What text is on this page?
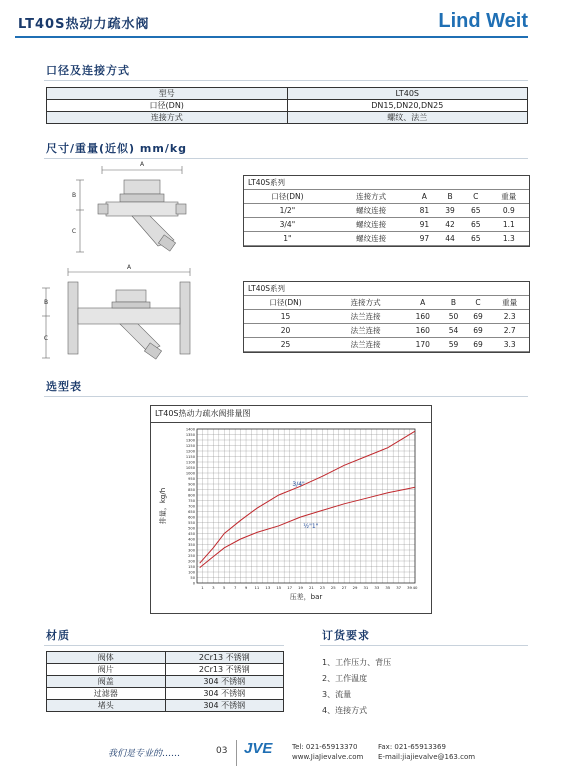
LT40S热动力疏水阀	Lind Weit
口径及连接方式
型号	LT40S
口径(DN)	DN15,DN20,DN25
连接方式	螺纹、法兰
尺寸/重量(近似) mm/kg
A
B
C
A
B
C
LT40S系列					
口径(DN)	连接方式	A	B	C	重量
1/2"	螺纹连接	81	39	65	0.9
3/4"	螺纹连接	91	42	65	1.1
1"	螺纹连接	97	44	65	1.3
LT40S系列					
口径(DN)	连接方式	A	B	C	重量
15	法兰连接	160	50	69	2.3
20	法兰连接	160	54	69	2.7
25	法兰连接	170	59	69	3.3
选型表
LT40S热动力疏水阀排量图
0
50
100
150
200
250
300
350
400
450
500
550
600
650
700
750
800
850
900
950
1000
1050
1100
1150
1200
1250
1300
1350
1400
1 3 5 7 9 11 13 15 17 19 21 23 25 27 29 31 33 35 37 39 40
3/4"
½"1"
压差，bar
排量，kg/h
材质
阀体	2Cr13 不锈钢
阀片	2Cr13 不锈钢
阀盖	304 不锈钢
过滤器	304 不锈钢
堵头	304 不锈钢
订货要求
1、工作压力、背压
2、工作温度
3、流量
4、连接方式
我们是专业的……	03 JVE	Tel: 021-65913370
www.JiaJievalve.com
Fax: 021-65913369
E-mail:jiajievalve@163.com
